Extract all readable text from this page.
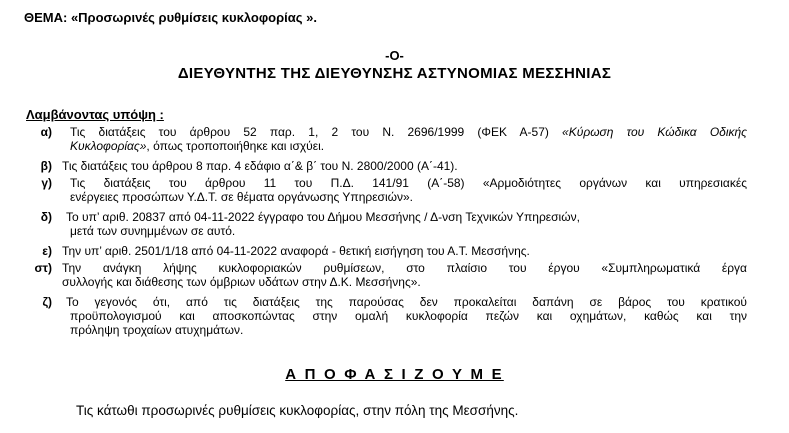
ΘΕΜΑ: «Προσωρινές ρυθμίσεις κυκλοφορίας ».
-Ο-
ΔΙΕΥΘΥΝΤΗΣ ΤΗΣ ΔΙΕΥΘΥΝΣΗΣ ΑΣΤΥΝΟΜΙΑΣ ΜΕΣΣΗΝΙΑΣ
Λαμβάνοντας υπόψη :
α) Τις διατάξεις του άρθρου 52 παρ. 1, 2 του Ν. 2696/1999 (ΦΕΚ Α-57) «Κύρωση του Κώδικα Οδικής
Κυκλοφορίας», όπως τροποποιήθηκε και ισχύει.
β) Τις διατάξεις του άρθρου 8 παρ. 4 εδάφιο α΄& β΄ του Ν. 2800/2000 (Α΄-41).
γ) Τις διατάξεις του άρθρου 11 του Π.Δ. 141/91 (Α΄-58) «Αρμοδιότητες οργάνων και υπηρεσιακές
ενέργειες προσώπων Υ.Δ.Τ. σε θέματα οργάνωσης Υπηρεσιών».
δ) Το υπ’ αριθ. 20837 από 04-11-2022 έγγραφο του Δήμου Μεσσήνης / Δ-νση Τεχνικών Υπηρεσιών,
μετά των συνημμένων σε αυτό.
ε) Την υπ’ αριθ. 2501/1/18 από 04-11-2022 αναφορά - θετική εισήγηση του Α.Τ. Μεσσήνης.
στ) Την ανάγκη λήψης κυκλοφοριακών ρυθμίσεων, στο πλαίσιο του έργου «Συμπληρωματικά έργα
συλλογής και διάθεσης των όμβριων υδάτων στην Δ.Κ. Μεσσήνης».
ζ) Το γεγονός ότι, από τις διατάξεις της παρούσας δεν προκαλείται δαπάνη σε βάρος του κρατικού
προϋπολογισμού και αποσκοπώντας στην ομαλή κυκλοφορία πεζών και οχημάτων, καθώς και την
πρόληψη τροχαίων ατυχημάτων.
Α Π Ο Φ Α Σ Ι Ζ Ο Υ Μ Ε
Τις κάτωθι προσωρινές ρυθμίσεις κυκλοφορίας, στην πόλη της Μεσσήνης.
